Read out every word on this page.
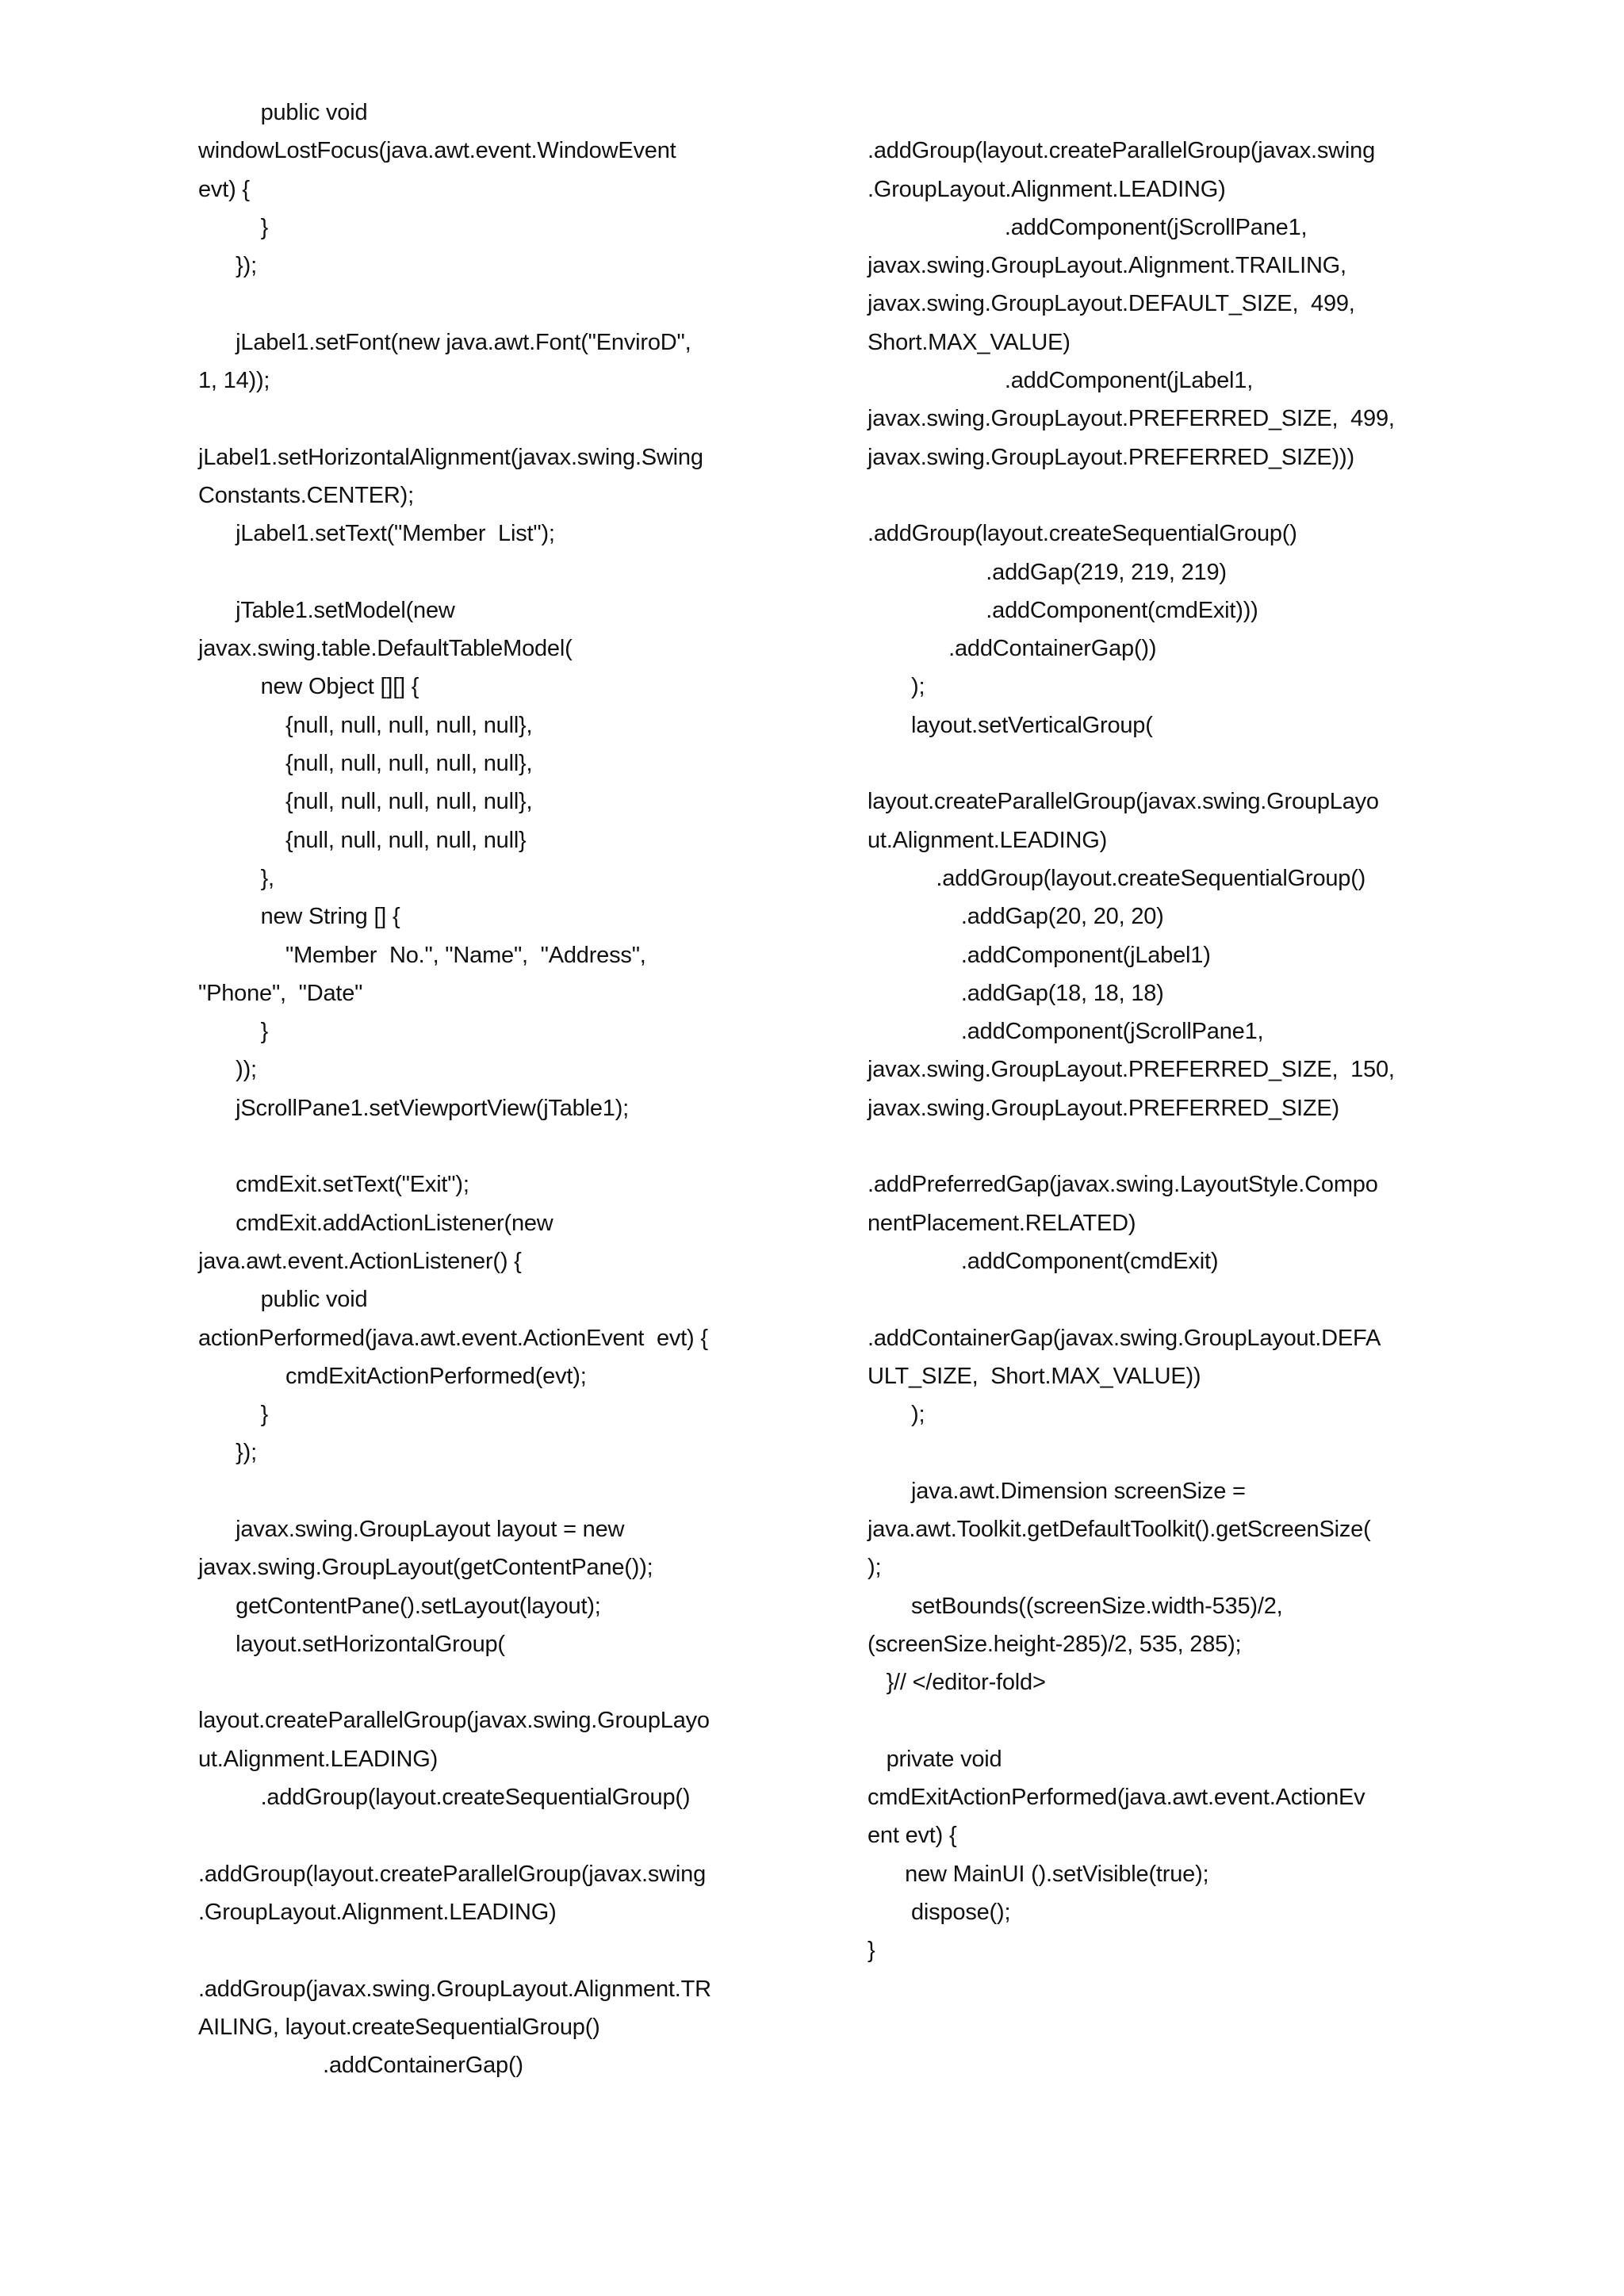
public void
windowLostFocus(java.awt.event.WindowEvent
evt) {
}
});
jLabel1.setFont(new java.awt.Font("EnviroD",
1, 14));
jLabel1.setHorizontalAlignment(javax.swing.Swing
Constants.CENTER);
jLabel1.setText("Member  List");
jTable1.setModel(new
javax.swing.table.DefaultTableModel(
new Object [][] {
{null, null, null, null, null},
{null, null, null, null, null},
{null, null, null, null, null},
{null, null, null, null, null}
},
new String [] {
"Member  No.", "Name",  "Address",
"Phone",  "Date"
}
));
jScrollPane1.setViewportView(jTable1);
cmdExit.setText("Exit");
cmdExit.addActionListener(new
java.awt.event.ActionListener() {
public void
actionPerformed(java.awt.event.ActionEvent  evt) {
cmdExitActionPerformed(evt);
}
});
javax.swing.GroupLayout layout = new
javax.swing.GroupLayout(getContentPane());
getContentPane().setLayout(layout);
layout.setHorizontalGroup(
layout.createParallelGroup(javax.swing.GroupLayo
ut.Alignment.LEADING)
.addGroup(layout.createSequentialGroup()
.addGroup(layout.createParallelGroup(javax.swing
.GroupLayout.Alignment.LEADING)
.addGroup(javax.swing.GroupLayout.Alignment.TR
AILING, layout.createSequentialGroup()
.addContainerGap()
.addGroup(layout.createParallelGroup(javax.swing
.GroupLayout.Alignment.LEADING)
.addComponent(jScrollPane1,
javax.swing.GroupLayout.Alignment.TRAILING,
javax.swing.GroupLayout.DEFAULT_SIZE,  499,
Short.MAX_VALUE)
.addComponent(jLabel1,
javax.swing.GroupLayout.PREFERRED_SIZE,  499,
javax.swing.GroupLayout.PREFERRED_SIZE)))
.addGroup(layout.createSequentialGroup()
.addGap(219, 219, 219)
.addComponent(cmdExit)))
.addContainerGap())
);
layout.setVerticalGroup(
layout.createParallelGroup(javax.swing.GroupLayo
ut.Alignment.LEADING)
.addGroup(layout.createSequentialGroup()
.addGap(20, 20, 20)
.addComponent(jLabel1)
.addGap(18, 18, 18)
.addComponent(jScrollPane1,
javax.swing.GroupLayout.PREFERRED_SIZE,  150,
javax.swing.GroupLayout.PREFERRED_SIZE)
.addPreferredGap(javax.swing.LayoutStyle.Compo
nentPlacement.RELATED)
.addComponent(cmdExit)
.addContainerGap(javax.swing.GroupLayout.DEFA
ULT_SIZE,  Short.MAX_VALUE))
);
java.awt.Dimension screenSize =
java.awt.Toolkit.getDefaultToolkit().getScreenSize(
);
setBounds((screenSize.width-535)/2,
(screenSize.height-285)/2, 535, 285);
}// </editor-fold>
private void
cmdExitActionPerformed(java.awt.event.ActionEv
ent evt) {
new MainUI ().setVisible(true);
dispose();
}
